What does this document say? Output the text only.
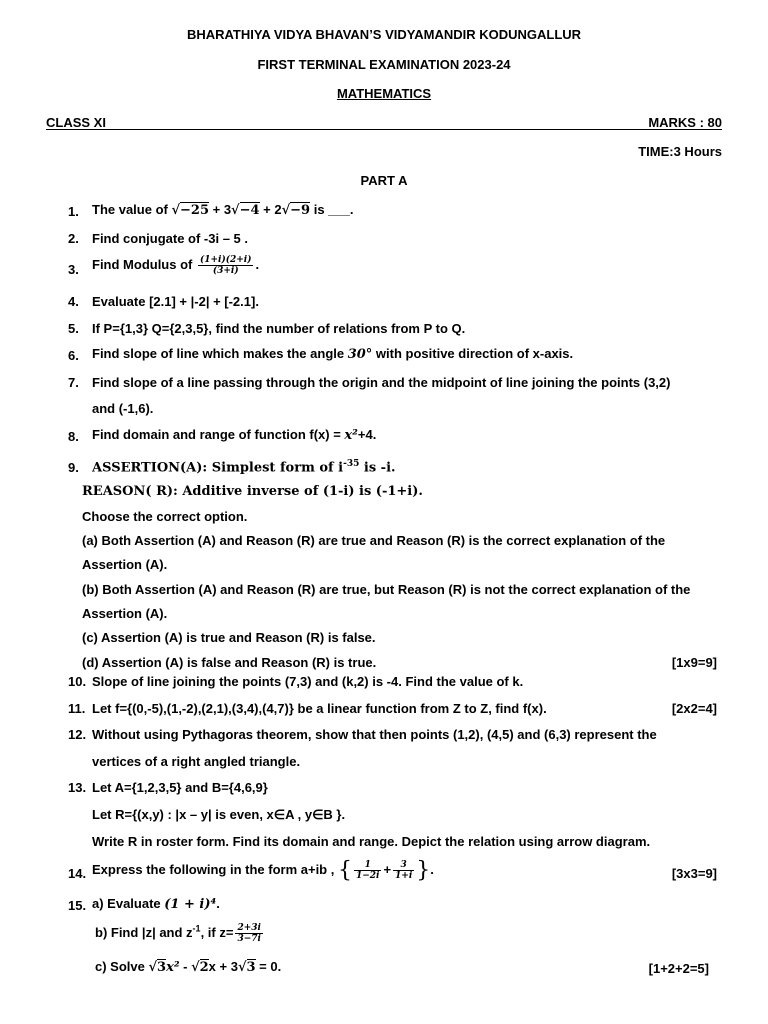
BHARATHIYA VIDYA BHAVAN’S VIDYAMANDIR KODUNGALLUR
FIRST TERMINAL EXAMINATION 2023-24
MATHEMATICS
CLASS XI	MARKS : 80
TIME:3 Hours
PART A
1. The value of √−25 + 3√−4 + 2√−9 is ___.
2. Find conjugate of -3i – 5 .
3. Find Modulus of $\frac{(1+i)(2+i)}{(3+i)}$ .
4. Evaluate [2.1] + |-2| + [-2.1].
5. If P={1,3} Q={2,3,5}, find the number of relations from P to Q.
6. Find slope of line which makes the angle 30° with positive direction of x-axis.
7. Find slope of a line passing through the origin and the midpoint of line joining the points (3,2)
and (-1,6).
8. Find domain and range of function f(x) = x²+4.
9. ASSERTION(A): Simplest form of $i^{-35}$ is -i.
REASON( R): Additive inverse of (1-i) is (-1+i).
Choose the correct option.
(a) Both Assertion (A) and Reason (R) are true and Reason (R) is the correct explanation of the
Assertion (A).
(b) Both Assertion (A) and Reason (R) are true, but Reason (R) is not the correct explanation of the
Assertion (A).
(c) Assertion (A) is true and Reason (R) is false.
(d) Assertion (A) is false and Reason (R) is true.	[1x9=9]
10. Slope of line joining the points (7,3) and (k,2) is -4. Find the value of k.
11. Let f={(0,-5),(1,-2),(2,1),(3,4),(4,7)} be a linear function from Z to Z, find f(x).	[2x2=4]
12. Without using Pythagoras theorem, show that then points (1,2), (4,5) and (6,3) represent the
vertices of a right angled triangle.
13. Let A={1,2,3,5} and B={4,6,9}
Let R={(x,y) : |x – y| is even, x∈A , y∈B }.
Write R in roster form. Find its domain and range. Depict the relation using arrow diagram.
14. Express the following in the form a+ib , { $\frac{1}{1-2i} + \frac{3}{1+i}$ }.	[3x3=9]
15. a) Evaluate (1 + i)⁴.
b) Find |z| and $z^{-1}$, if $z= \frac{2+3i}{3-7i}$
c) Solve √3x² - √2x + 3√3 = 0.	[1+2+2=5]
